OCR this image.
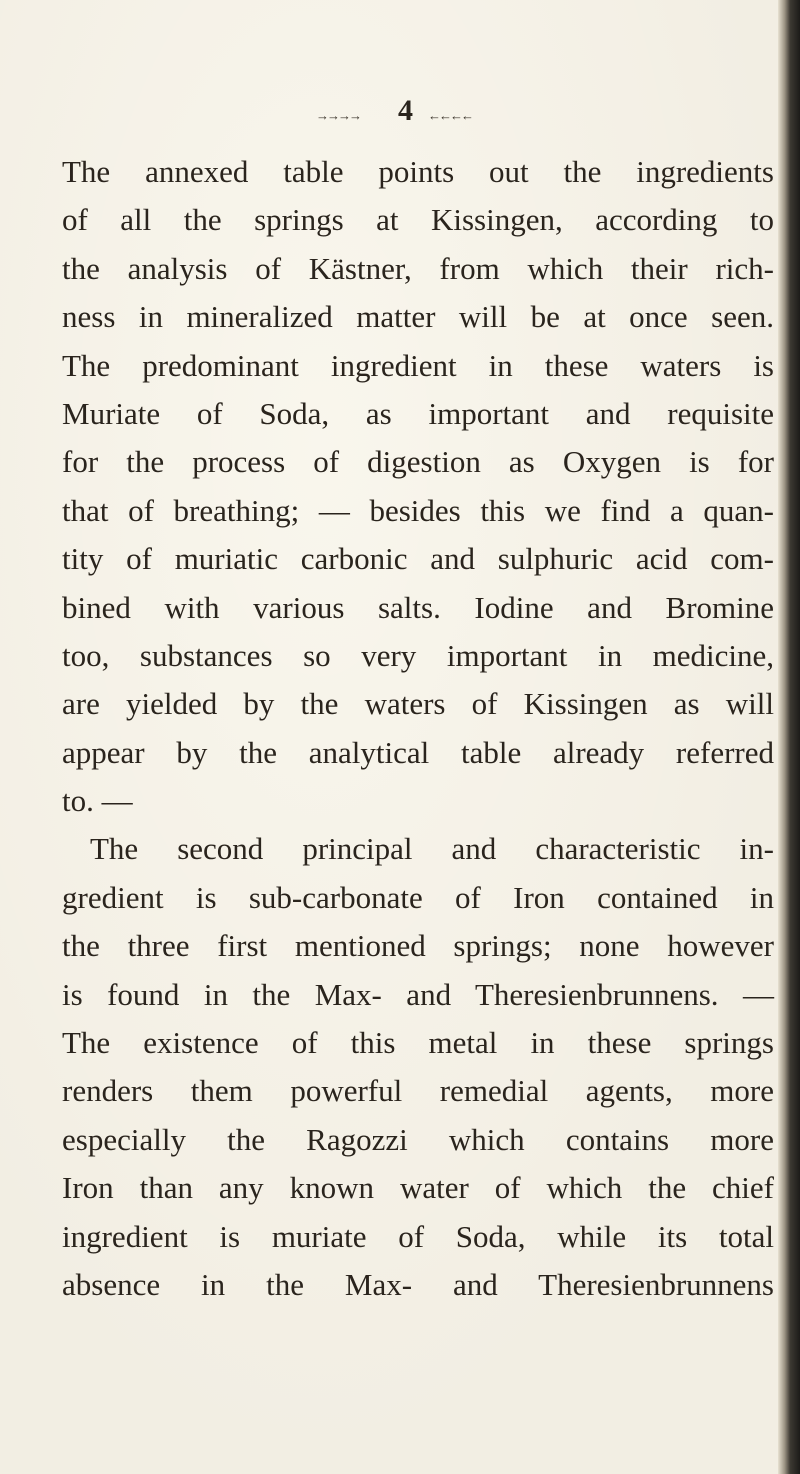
→→→→ 4 ←←←←
The annexed table points out the ingredients
of all the springs at Kissingen, according to
the analysis of Kästner, from which their rich-
ness in mineralized matter will be at once seen.
The predominant ingredient in these waters is
Muriate of Soda, as important and requisite
for the process of digestion as Oxygen is for
that of breathing; — besides this we find a quan-
tity of muriatic carbonic and sulphuric acid com-
bined with various salts. Iodine and Bromine
too, substances so very important in medicine,
are yielded by the waters of Kissingen as will
appear by the analytical table already referred
to. —
The second principal and characteristic in-
gredient is sub-carbonate of Iron contained in
the three first mentioned springs; none however
is found in the Max- and Theresienbrunnens. —
The existence of this metal in these springs
renders them powerful remedial agents, more
especially the Ragozzi which contains more
Iron than any known water of which the chief
ingredient is muriate of Soda, while its total
absence in the Max- and Theresienbrunnens
